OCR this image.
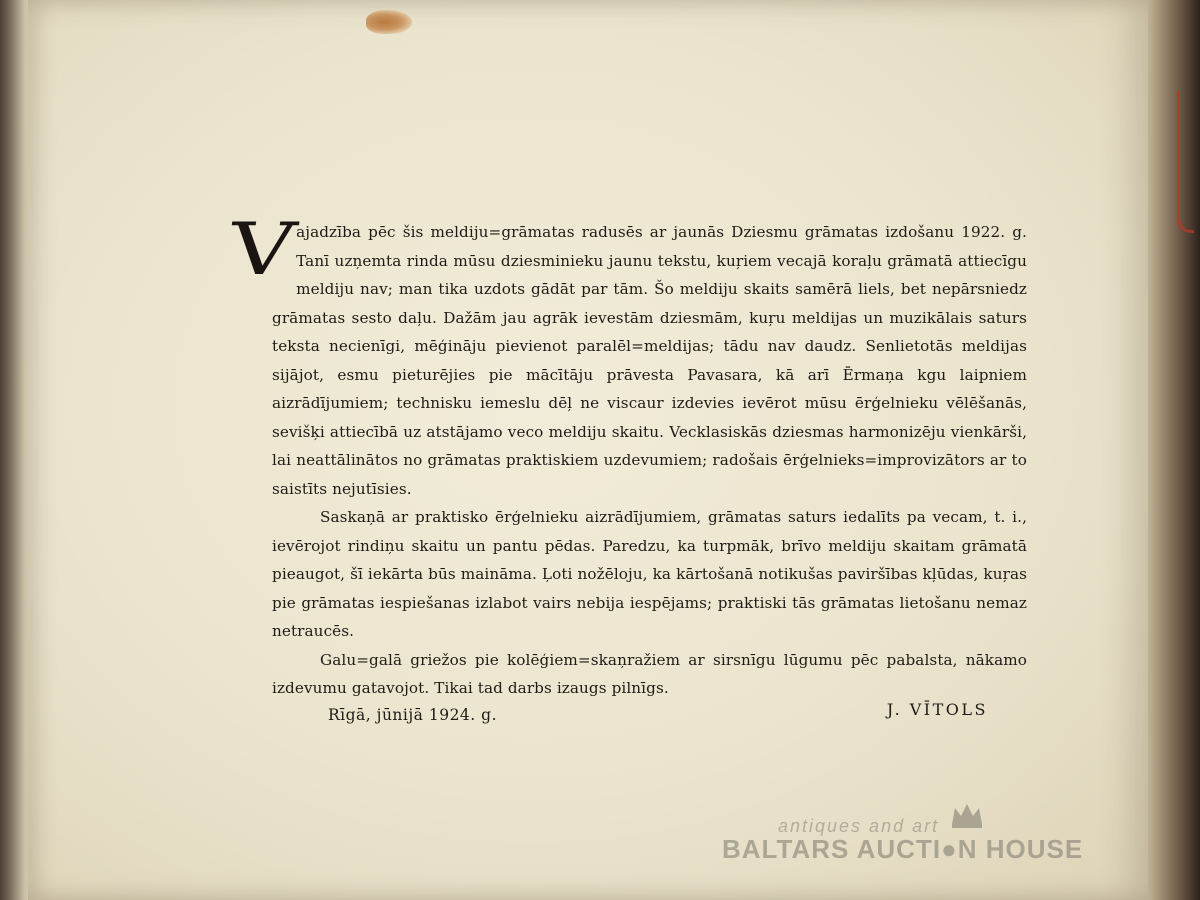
V
ajadzība pēc šis meldiju=grāmatas radusēs ar jaunās Dziesmu grāmatas izdošanu 1922. g. Tanī uzņemta rinda mūsu dziesminieku jaunu tekstu, kuŗiem vecajā koraļu grāmatā attiecīgu meldiju nav; man tika uzdots gādāt par tām. Šo meldiju skaits samērā liels, bet nepārsniedz grāmatas sesto daļu. Dažām jau agrāk ievestām dziesmām, kuŗu meldijas un muzikālais saturs teksta necienīgi, mēģināju pievienot paralēl=meldijas; tādu nav daudz. Senlietotās meldijas sijājot, esmu pieturējies pie mācītāju prāvesta Pavasara, kā arī Ērmaņa kgu laipniem aizrādījumiem; technisku iemeslu dēļ ne viscaur izdevies ievērot mūsu ērģelnieku vēlēšanās, sevišķi attiecībā uz atstājamo veco meldiju skaitu. Vecklasiskās dziesmas harmonizēju vienkārši, lai neattālinātos no grāmatas praktiskiem uzdevumiem; radošais ērģelnieks=improvizātors ar to saistīts nejutīsies.

Saskaņā ar praktisko ērģelnieku aizrādījumiem, grāmatas saturs iedalīts pa vecam, t. i., ievērojot rindiņu skaitu un pantu pēdas. Paredzu, ka turpmāk, brīvo meldiju skaitam grāmatā pieaugot, šī iekārta būs maināma. Ļoti nožēloju, ka kārtošanā notikušas paviršības kļūdas, kuŗas pie grāmatas iespiešanas izlabot vairs nebija iespējams; praktiski tās grāmatas lietošanu nemaz netraucēs.

Galu=galā griežos pie kolēģiem=skaņražiem ar sirsnīgu lūgumu pēc pabalsta, nākamo izdevumu gatavojot. Tikai tad darbs izaugs pilnīgs.

Rīgā, jūnijā 1924. g.	J. VĪTOLS
antiques and art
BALTARS AUCTI●N HOUSE
